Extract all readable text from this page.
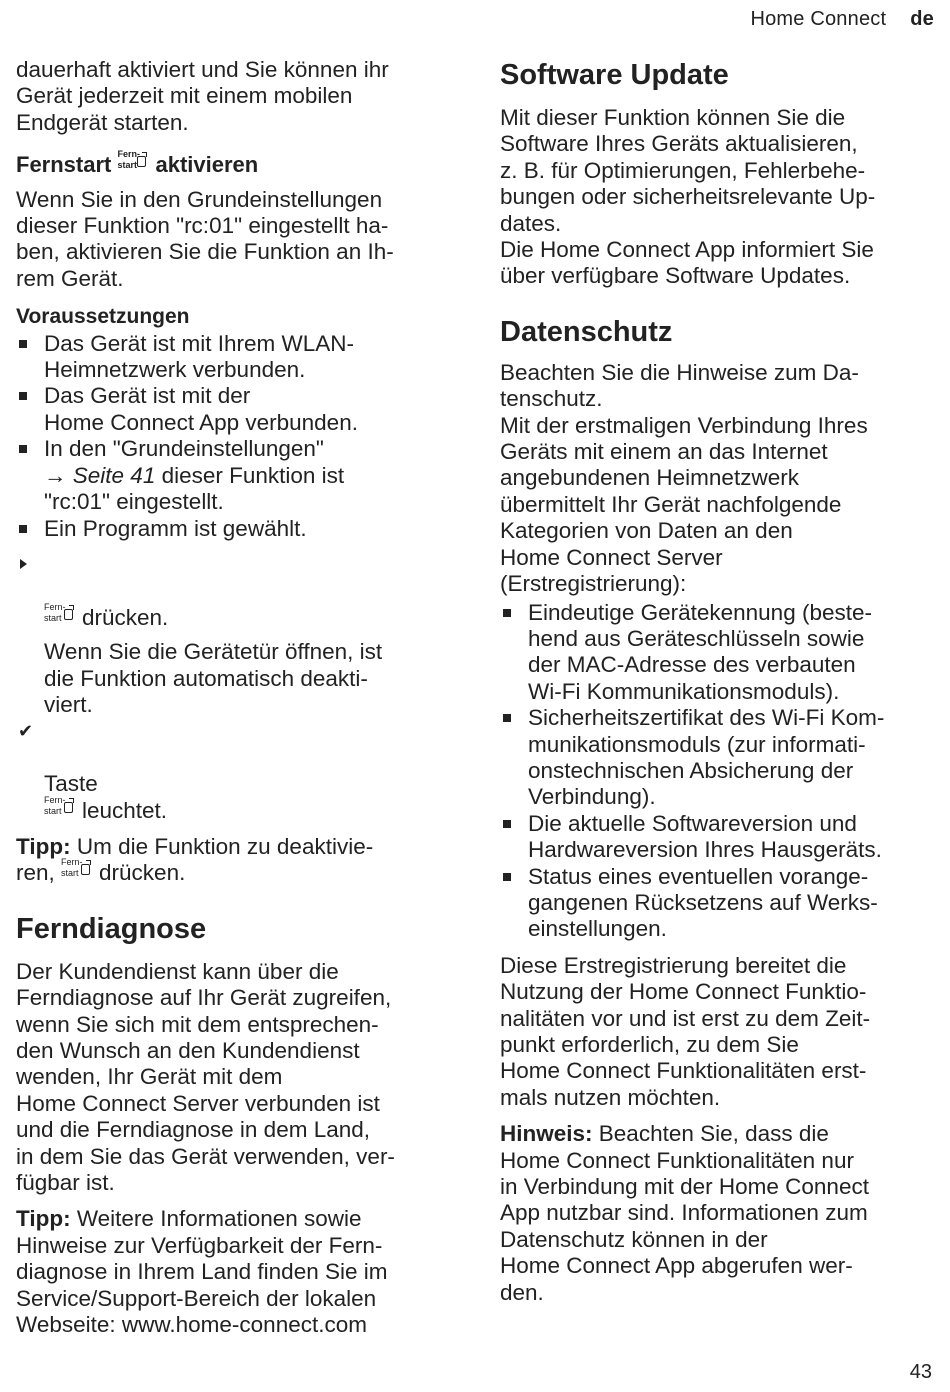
Home Connect de

dauerhaft aktiviert und Sie können ihr
Gerät jederzeit mit einem mobilen
Endgerät starten.

Fernstart Fern-
start aktivieren

Wenn Sie in den Grundeinstellungen
dieser Funktion "rc:01" eingestellt ha-
ben, aktivieren Sie die Funktion an Ih-
rem Gerät.

Voraussetzungen
Das Gerät ist mit Ihrem WLAN-
Heimnetzwerk verbunden.
Das Gerät ist mit der
Home Connect App verbunden.
In den "Grundeinstellungen"
→ Seite 41 dieser Funktion ist
"rc:01" eingestellt.
Ein Programm ist gewählt.

Fern-
start drücken.

Wenn Sie die Gerätetür öffnen, ist
die Funktion automatisch deakti-
viert.

✔

Taste

Fern-
start leuchtet.

Tipp: Um die Funktion zu deaktivie-
ren, Fern-
start drücken.

Ferndiagnose

Der Kundendienst kann über die
Ferndiagnose auf Ihr Gerät zugreifen,
wenn Sie sich mit dem entsprechen-
den Wunsch an den Kundendienst
wenden, Ihr Gerät mit dem
Home Connect Server verbunden ist
und die Ferndiagnose in dem Land,
in dem Sie das Gerät verwenden, ver-
fügbar ist.

Tipp: Weitere Informationen sowie
Hinweise zur Verfügbarkeit der Fern-
diagnose in Ihrem Land finden Sie im
Service/Support-Bereich der lokalen
Webseite: www.home-connect.com

Software Update

Mit dieser Funktion können Sie die
Software Ihres Geräts aktualisieren,
z. B. für Optimierungen, Fehlerbehe-
bungen oder sicherheitsrelevante Up-
dates.
Die Home Connect App informiert Sie
über verfügbare Software Updates.

Datenschutz

Beachten Sie die Hinweise zum Da-
tenschutz.
Mit der erstmaligen Verbindung Ihres
Geräts mit einem an das Internet
angebundenen Heimnetzwerk
übermittelt Ihr Gerät nachfolgende
Kategorien von Daten an den
Home Connect Server
(Erstregistrierung):

Eindeutige Gerätekennung (beste-
hend aus Geräteschlüsseln sowie
der MAC-Adresse des verbauten
Wi-Fi Kommunikationsmoduls).
Sicherheitszertifikat des Wi-Fi Kom-
munikationsmoduls (zur informati-
onstechnischen Absicherung der
Verbindung).
Die aktuelle Softwareversion und
Hardwareversion Ihres Hausgeräts.
Status eines eventuellen vorange-
gangenen Rücksetzens auf Werks-
einstellungen.

Diese Erstregistrierung bereitet die
Nutzung der Home Connect Funktio-
nalitäten vor und ist erst zu dem Zeit-
punkt erforderlich, zu dem Sie
Home Connect Funktionalitäten erst-
mals nutzen möchten.

Hinweis: Beachten Sie, dass die
Home Connect Funktionalitäten nur
in Verbindung mit der Home Connect
App nutzbar sind. Informationen zum
Datenschutz können in der
Home Connect App abgerufen wer-
den.

43
